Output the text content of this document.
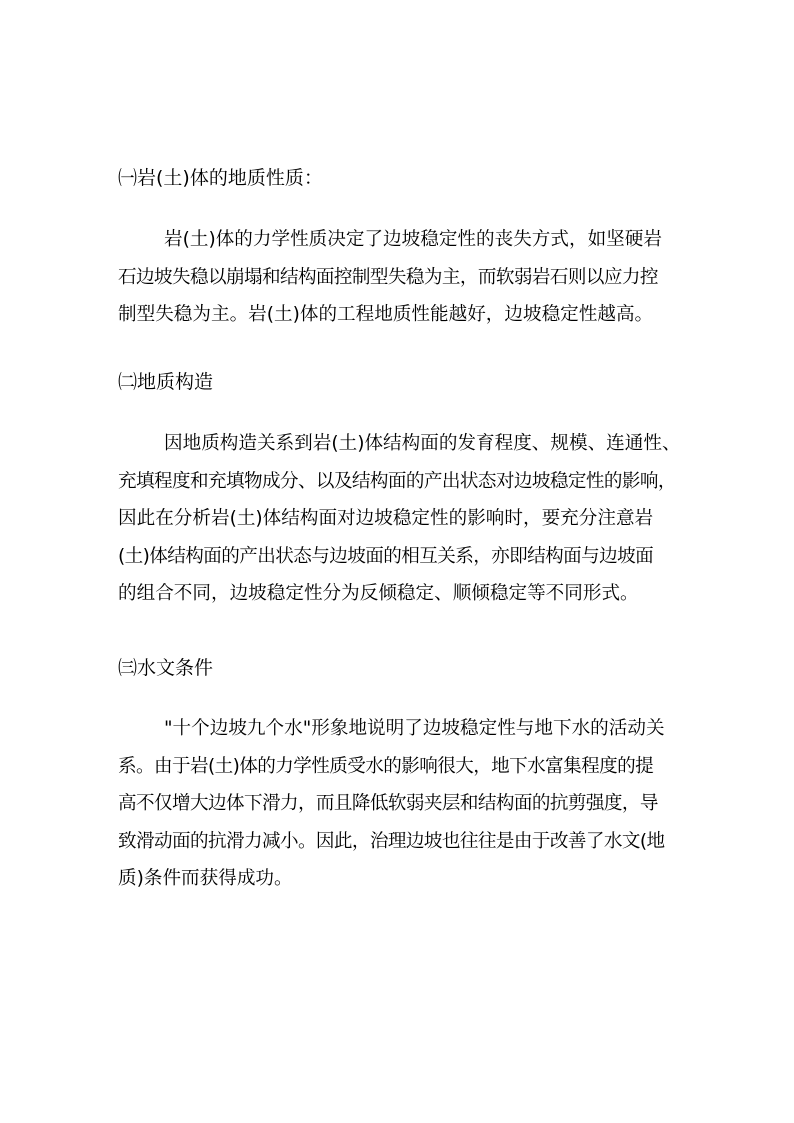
㈠岩(土)体的地质性质：

岩(土)体的力学性质决定了边坡稳定性的丧失方式，如坚硬岩
石边坡失稳以崩塌和结构面控制型失稳为主，而软弱岩石则以应力控
制型失稳为主。岩(土)体的工程地质性能越好，边坡稳定性越高。

㈡地质构造

因地质构造关系到岩(土)体结构面的发育程度、规模、连通性、
充填程度和充填物成分、以及结构面的产出状态对边坡稳定性的影响，
因此在分析岩(土)体结构面对边坡稳定性的影响时，要充分注意岩
(土)体结构面的产出状态与边坡面的相互关系，亦即结构面与边坡面
的组合不同，边坡稳定性分为反倾稳定、顺倾稳定等不同形式。

㈢水文条件

"十个边坡九个水"形象地说明了边坡稳定性与地下水的活动关
系。由于岩(土)体的力学性质受水的影响很大，地下水富集程度的提
高不仅增大边体下滑力，而且降低软弱夹层和结构面的抗剪强度，导
致滑动面的抗滑力减小。因此，治理边坡也往往是由于改善了水文(地
质)条件而获得成功。
